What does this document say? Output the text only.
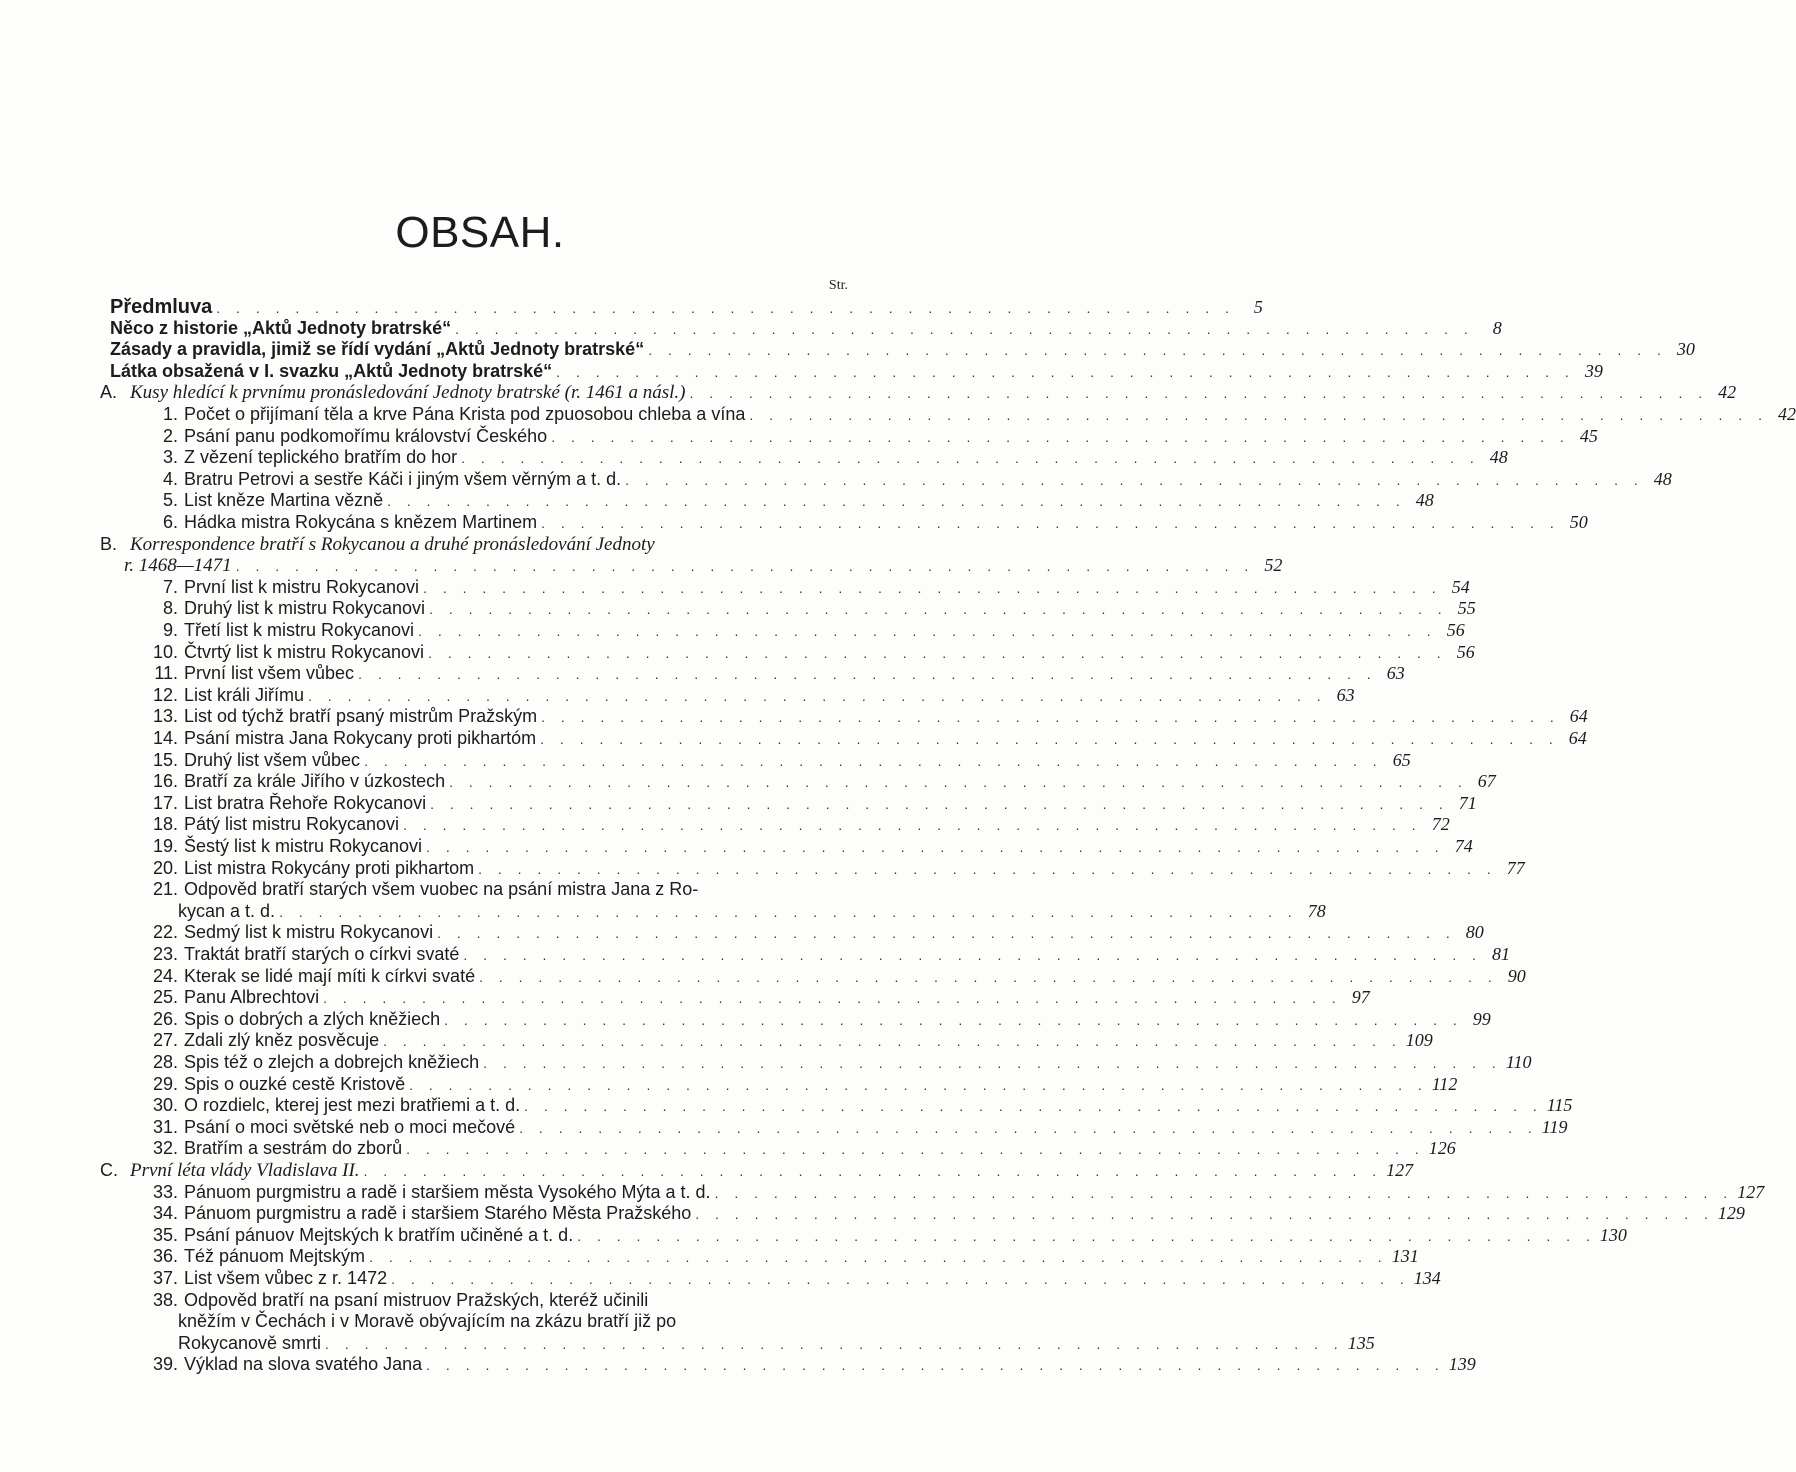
OBSAH.
Str.
Předmluva . . . . . . . . . . . . . . . . . . . . . . . . . . . . . . . . . . . . . . . . . . . . . . . . . . . .	5
Něco z historie „Aktů Jednoty bratrské“ . . . . . . . . . . . . . . . . . . . . . . . . . . . . . . . . . . . . . . . . . . . . . . . . . . . .	8
Zásady a pravidla, jimiž se řídí vydání „Aktů Jednoty bratrské“ . . . . . . . . . . . . . . . . . . . . . . . . . . . . . . . . . . . . . . . . . . . . . . . . . . . . 30
Látka obsažená v I. svazku „Aktů Jednoty bratrské“ . . . . . . . . . . . . . . . . . . . . . . . . . . . . . . . . . . . . . . . . . . . . . . . . . . . . 39
A. Kusy hledící k prvnímu pronásledování Jednoty bratrské (r. 1461 a násl.) . . . . . . . . . . . . . . . . . . . . . . . . . . . . . . . . . . . . . . . . . . . . . . . . . . . . 42
1. Počet o přijímaní těla a krve Pána Krista pod zpuosobou chleba a vína . . . . . . . . . . . . . . . . . . . . . . . . . . . . . . . . . . . . . . . . . . . . . . . . . . . . 42
2. Psání panu podkomořímu království Českého . . . . . . . . . . . . . . . . . . . . . . . . . . . . . . . . . . . . . . . . . . . . . . . . . . . . 45
3. Z vězení teplického bratřím do hor . . . . . . . . . . . . . . . . . . . . . . . . . . . . . . . . . . . . . . . . . . . . . . . . . . . . 48
4. Bratru Petrovi a sestře Káči i jiným všem věrným a t. d. . . . . . . . . . . . . . . . . . . . . . . . . . . . . . . . . . . . . . . . . . . . . . . . . . . . . 48
5. List kněze Martina vězně . . . . . . . . . . . . . . . . . . . . . . . . . . . . . . . . . . . . . . . . . . . . . . . . . . . . 48
6. Hádka mistra Rokycána s knězem Martinem . . . . . . . . . . . . . . . . . . . . . . . . . . . . . . . . . . . . . . . . . . . . . . . . . . . . 50
B. Korrespondence bratří s Rokycanou a druhé pronásledování Jednoty
r. 1468—1471 . . . . . . . . . . . . . . . . . . . . . . . . . . . . . . . . . . . . . . . . . . . . . . . . . . . . 52
7. První list k mistru Rokycanovi . . . . . . . . . . . . . . . . . . . . . . . . . . . . . . . . . . . . . . . . . . . . . . . . . . . . 54
8. Druhý list k mistru Rokycanovi . . . . . . . . . . . . . . . . . . . . . . . . . . . . . . . . . . . . . . . . . . . . . . . . . . . . 55
9. Třetí list k mistru Rokycanovi . . . . . . . . . . . . . . . . . . . . . . . . . . . . . . . . . . . . . . . . . . . . . . . . . . . . 56
10. Čtvrtý list k mistru Rokycanovi . . . . . . . . . . . . . . . . . . . . . . . . . . . . . . . . . . . . . . . . . . . . . . . . . . . . 56
11. První list všem vůbec . . . . . . . . . . . . . . . . . . . . . . . . . . . . . . . . . . . . . . . . . . . . . . . . . . . . 63
12. List králi Jiřímu . . . . . . . . . . . . . . . . . . . . . . . . . . . . . . . . . . . . . . . . . . . . . . . . . . . . 63
13. List od týchž bratří psaný mistrům Pražským . . . . . . . . . . . . . . . . . . . . . . . . . . . . . . . . . . . . . . . . . . . . . . . . . . . . 64
14. Psání mistra Jana Rokycany proti pikhartóm . . . . . . . . . . . . . . . . . . . . . . . . . . . . . . . . . . . . . . . . . . . . . . . . . . . . 64
15. Druhý list všem vůbec . . . . . . . . . . . . . . . . . . . . . . . . . . . . . . . . . . . . . . . . . . . . . . . . . . . . 65
16. Bratří za krále Jiřího v úzkostech . . . . . . . . . . . . . . . . . . . . . . . . . . . . . . . . . . . . . . . . . . . . . . . . . . . . 67
17. List bratra Řehoře Rokycanovi . . . . . . . . . . . . . . . . . . . . . . . . . . . . . . . . . . . . . . . . . . . . . . . . . . . . 71
18. Pátý list mistru Rokycanovi . . . . . . . . . . . . . . . . . . . . . . . . . . . . . . . . . . . . . . . . . . . . . . . . . . . . 72
19. Šestý list k mistru Rokycanovi . . . . . . . . . . . . . . . . . . . . . . . . . . . . . . . . . . . . . . . . . . . . . . . . . . . . 74
20. List mistra Rokycány proti pikhartom . . . . . . . . . . . . . . . . . . . . . . . . . . . . . . . . . . . . . . . . . . . . . . . . . . . . 77
21. Odpověd bratří starých všem vuobec na psání mistra Jana z Ro-
kycan a t. d. . . . . . . . . . . . . . . . . . . . . . . . . . . . . . . . . . . . . . . . . . . . . . . . . . . . . 78
22. Sedmý list k mistru Rokycanovi . . . . . . . . . . . . . . . . . . . . . . . . . . . . . . . . . . . . . . . . . . . . . . . . . . . . 80
23. Traktát bratří starých o církvi svaté . . . . . . . . . . . . . . . . . . . . . . . . . . . . . . . . . . . . . . . . . . . . . . . . . . . . 81
24. Kterak se lidé mají míti k církvi svaté . . . . . . . . . . . . . . . . . . . . . . . . . . . . . . . . . . . . . . . . . . . . . . . . . . . . 90
25. Panu Albrechtovi . . . . . . . . . . . . . . . . . . . . . . . . . . . . . . . . . . . . . . . . . . . . . . . . . . . . 97
26. Spis o dobrých a zlých kněžiech . . . . . . . . . . . . . . . . . . . . . . . . . . . . . . . . . . . . . . . . . . . . . . . . . . . . 99
27. Zdali zlý kněz posvěcuje . . . . . . . . . . . . . . . . . . . . . . . . . . . . . . . . . . . . . . . . . . . . . . . . . . . . 109
28. Spis též o zlejch a dobrejch kněžiech . . . . . . . . . . . . . . . . . . . . . . . . . . . . . . . . . . . . . . . . . . . . . . . . . . . . 110
29. Spis o ouzké cestě Kristově . . . . . . . . . . . . . . . . . . . . . . . . . . . . . . . . . . . . . . . . . . . . . . . . . . . . 112
30. O rozdielc, kterej jest mezi bratřiemi a t. d. . . . . . . . . . . . . . . . . . . . . . . . . . . . . . . . . . . . . . . . . . . . . . . . . . . . . 115
31. Psání o moci světské neb o moci mečové . . . . . . . . . . . . . . . . . . . . . . . . . . . . . . . . . . . . . . . . . . . . . . . . . . . . 119
32. Bratřím a sestrám do zborů . . . . . . . . . . . . . . . . . . . . . . . . . . . . . . . . . . . . . . . . . . . . . . . . . . . . 126
C. První léta vlády Vladislava II. . . . . . . . . . . . . . . . . . . . . . . . . . . . . . . . . . . . . . . . . . . . . . . . . . . . . 127
33. Pánuom purgmistru a radě i staršiem města Vysokého Mýta a t. d. . . . . . . . . . . . . . . . . . . . . . . . . . . . . . . . . . . . . . . . . . . . . . . . . . . . . 127
34. Pánuom purgmistru a radě i staršiem Starého Města Pražského . . . . . . . . . . . . . . . . . . . . . . . . . . . . . . . . . . . . . . . . . . . . . . . . . . . . 129
35. Psání pánuov Mejtských k bratřím učiněné a t. d. . . . . . . . . . . . . . . . . . . . . . . . . . . . . . . . . . . . . . . . . . . . . . . . . . . . . 130
36. Též pánuom Mejtským . . . . . . . . . . . . . . . . . . . . . . . . . . . . . . . . . . . . . . . . . . . . . . . . . . . . 131
37. List všem vůbec z r. 1472 . . . . . . . . . . . . . . . . . . . . . . . . . . . . . . . . . . . . . . . . . . . . . . . . . . . . 134
38. Odpověd bratří na psaní mistruov Pražských, kteréž učinili
kněžím v Čechách i v Moravě obývajícím na zkázu bratří již po
Rokycanově smrti . . . . . . . . . . . . . . . . . . . . . . . . . . . . . . . . . . . . . . . . . . . . . . . . . . . . 135
39. Výklad na slova svatého Jana . . . . . . . . . . . . . . . . . . . . . . . . . . . . . . . . . . . . . . . . . . . . . . . . . . . . 139
